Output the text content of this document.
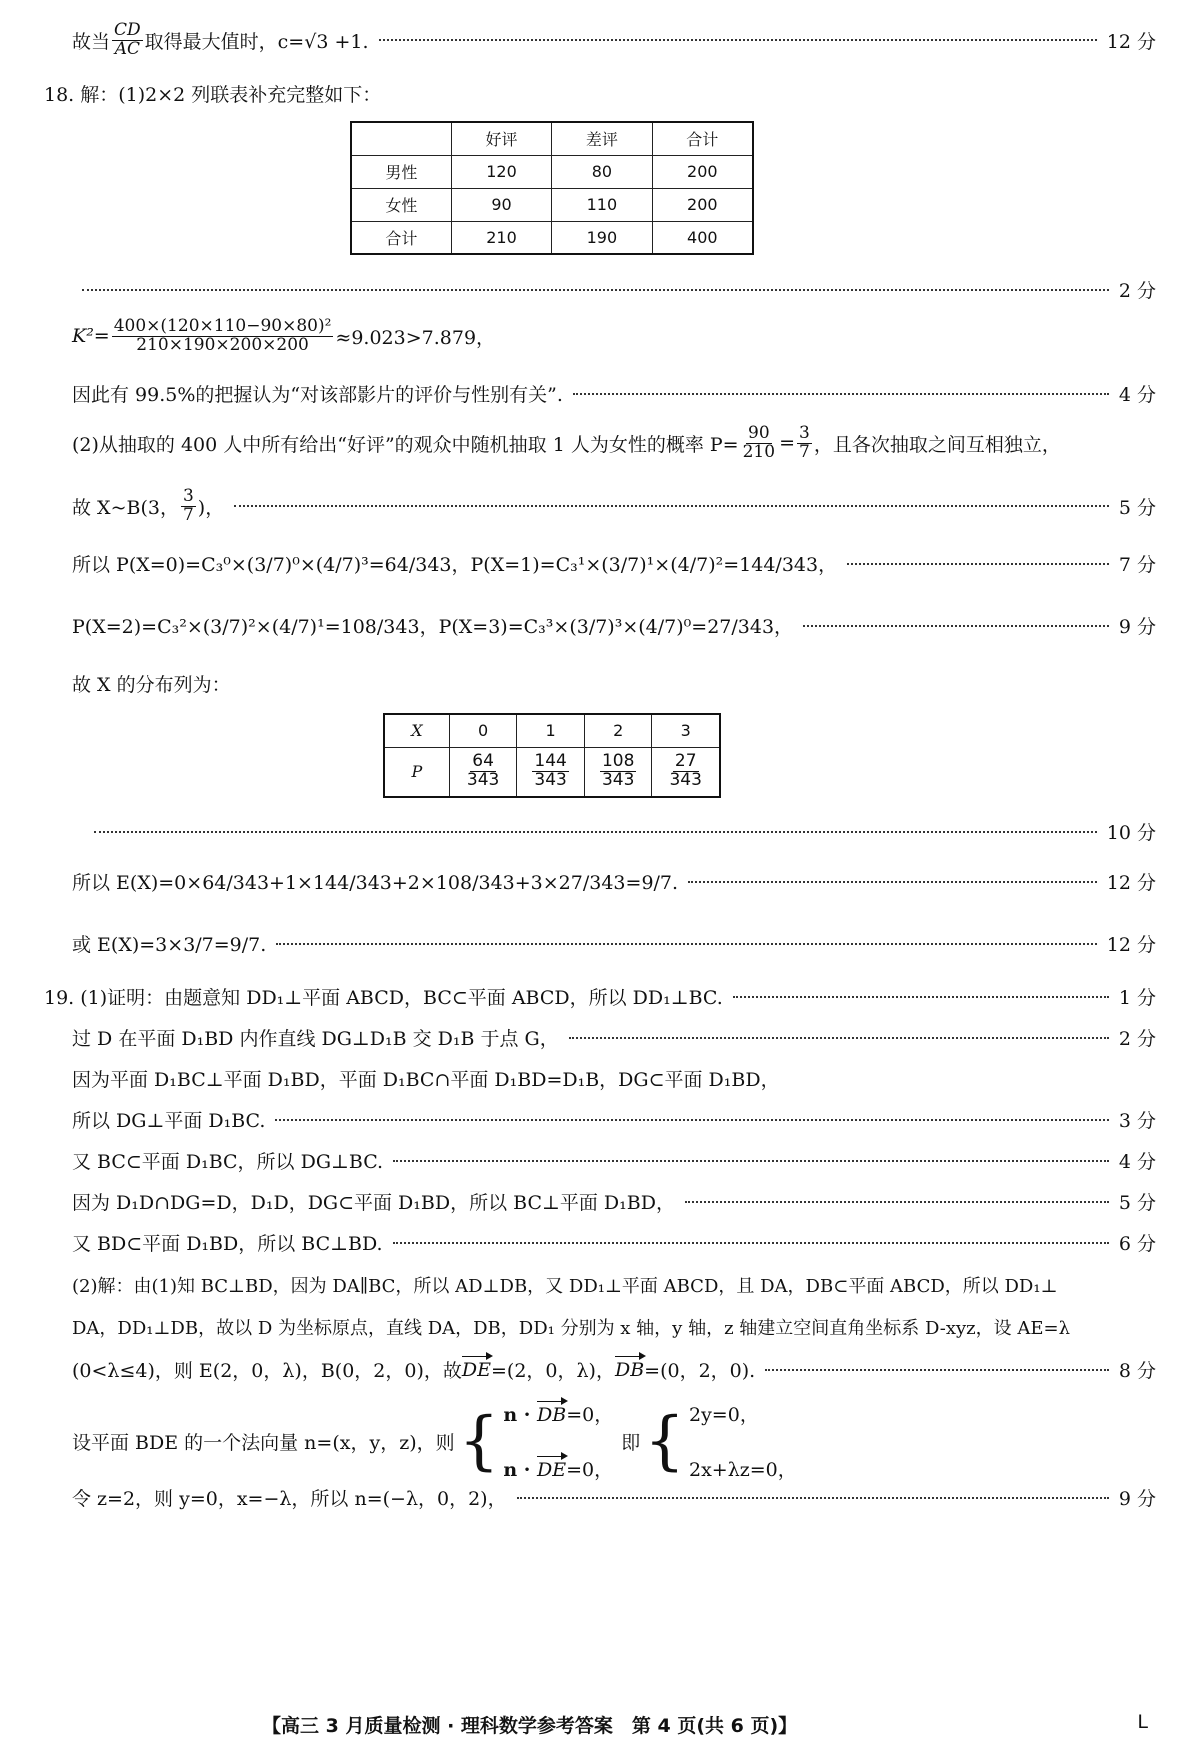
故当 $\frac{CD}{AC}$ 取得最大值时，c=√3 +1.	12 分
18. 解：(1)2×2 列联表补充完整如下：
	好评	差评	合计
男性	120	80	200
女性	90	110	200
合计	210	190	400
2 分
$K^2= \frac{\text{400×(120×110−90×80)²}}{210\times 190\times 200\times 200} \approx 9.023>7.879$，
因此有 99.5%的把握认为“对该部影片的评价与性别有关”.	4 分
(2)从抽取的 400 人中所有给出“好评”的观众中随机抽取 1 人为女性的概率 $P= \frac{90}{210} = \frac{3}{7}$ ，且各次抽取之间互相独立，
故 X~B(3， $\frac{3}{7}$ )，	5 分
所以 P(X=0)=C₃⁰×(3/7)⁰×(4/7)³=64/343，P(X=1)=C₃¹×(3/7)¹×(4/7)²=144/343，	7 分
P(X=2)=C₃²×(3/7)²×(4/7)¹=108/343，P(X=3)=C₃³×(3/7)³×(4/7)⁰=27/343，	9 分
故 X 的分布列为：
X	0	1	2	3
P	$\frac{64}{343}$	$\frac{144}{343}$	$\frac{108}{343}$	$\frac{27}{343}$
10 分
所以 E(X)=0×64/343+1×144/343+2×108/343+3×27/343=9/7.	12 分
或 E(X)=3×3/7=9/7.	12 分
19. (1)证明：由题意知 DD₁⊥平面 ABCD，BC⊂平面 ABCD，所以 DD₁⊥BC.	1 分
过 D 在平面 D₁BD 内作直线 DG⊥D₁B 交 D₁B 于点 G，	2 分
因为平面 D₁BC⊥平面 D₁BD，平面 D₁BC∩平面 D₁BD=D₁B，DG⊂平面 D₁BD，
所以 DG⊥平面 D₁BC.	3 分
又 BC⊂平面 D₁BC，所以 DG⊥BC.	4 分
因为 D₁D∩DG=D，D₁D，DG⊂平面 D₁BD，所以 BC⊥平面 D₁BD，	5 分
又 BD⊂平面 D₁BD，所以 BC⊥BD.	6 分
(2)解：由(1)知 BC⊥BD，因为 DA∥BC，所以 AD⊥DB，又 DD₁⊥平面 ABCD，且 DA，DB⊂平面 ABCD，所以 DD₁⊥
DA，DD₁⊥DB，故以 D 为坐标原点，直线 DA，DB，DD₁ 分别为 x 轴，y 轴，z 轴建立空间直角坐标系 D-xyz，设 AE=λ
(0<λ≤4)，则 E(2，0，λ)，B(0，2，0)，故 DE =(2，0，λ)， DB =(0，2，0).	8 分
设平面 BDE 的一个法向量 n=(x，y，z)，则 { n · DB=0，
n · DE=0，
即 { 2y=0，
2x+λz=0，
令 z=2，则 y=0，x=−λ，所以 n=(−λ，0，2)，	9 分
【高三 3 月质量检测 · 理科数学参考答案　第 4 页(共 6 页)】	L
